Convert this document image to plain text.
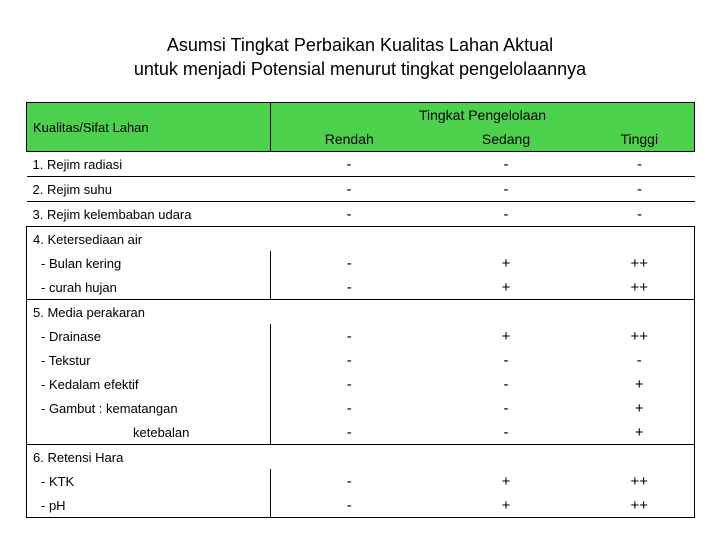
Asumsi Tingkat Perbaikan Kualitas Lahan Aktual
untuk menjadi Potensial menurut tingkat pengelolaannya
Kualitas/Sifat Lahan	Tingkat Pengelolaan		
	Rendah	Sedang	Tinggi
1. Rejim radiasi	-	-	-
2. Rejim suhu	-	-	-
3. Rejim kelembaban udara	-	-	-
4. Ketersediaan air			
- Bulan kering	-	+	++
- curah hujan	-	+	++
5. Media perakaran			
- Drainase	-	+	++
- Tekstur	-	-	-
- Kedalam efektif	-	-	+
- Gambut : kematangan	-	-	+
ketebalan	-	-	+
6. Retensi Hara			
- KTK	-	+	++
- pH	-	+	++
